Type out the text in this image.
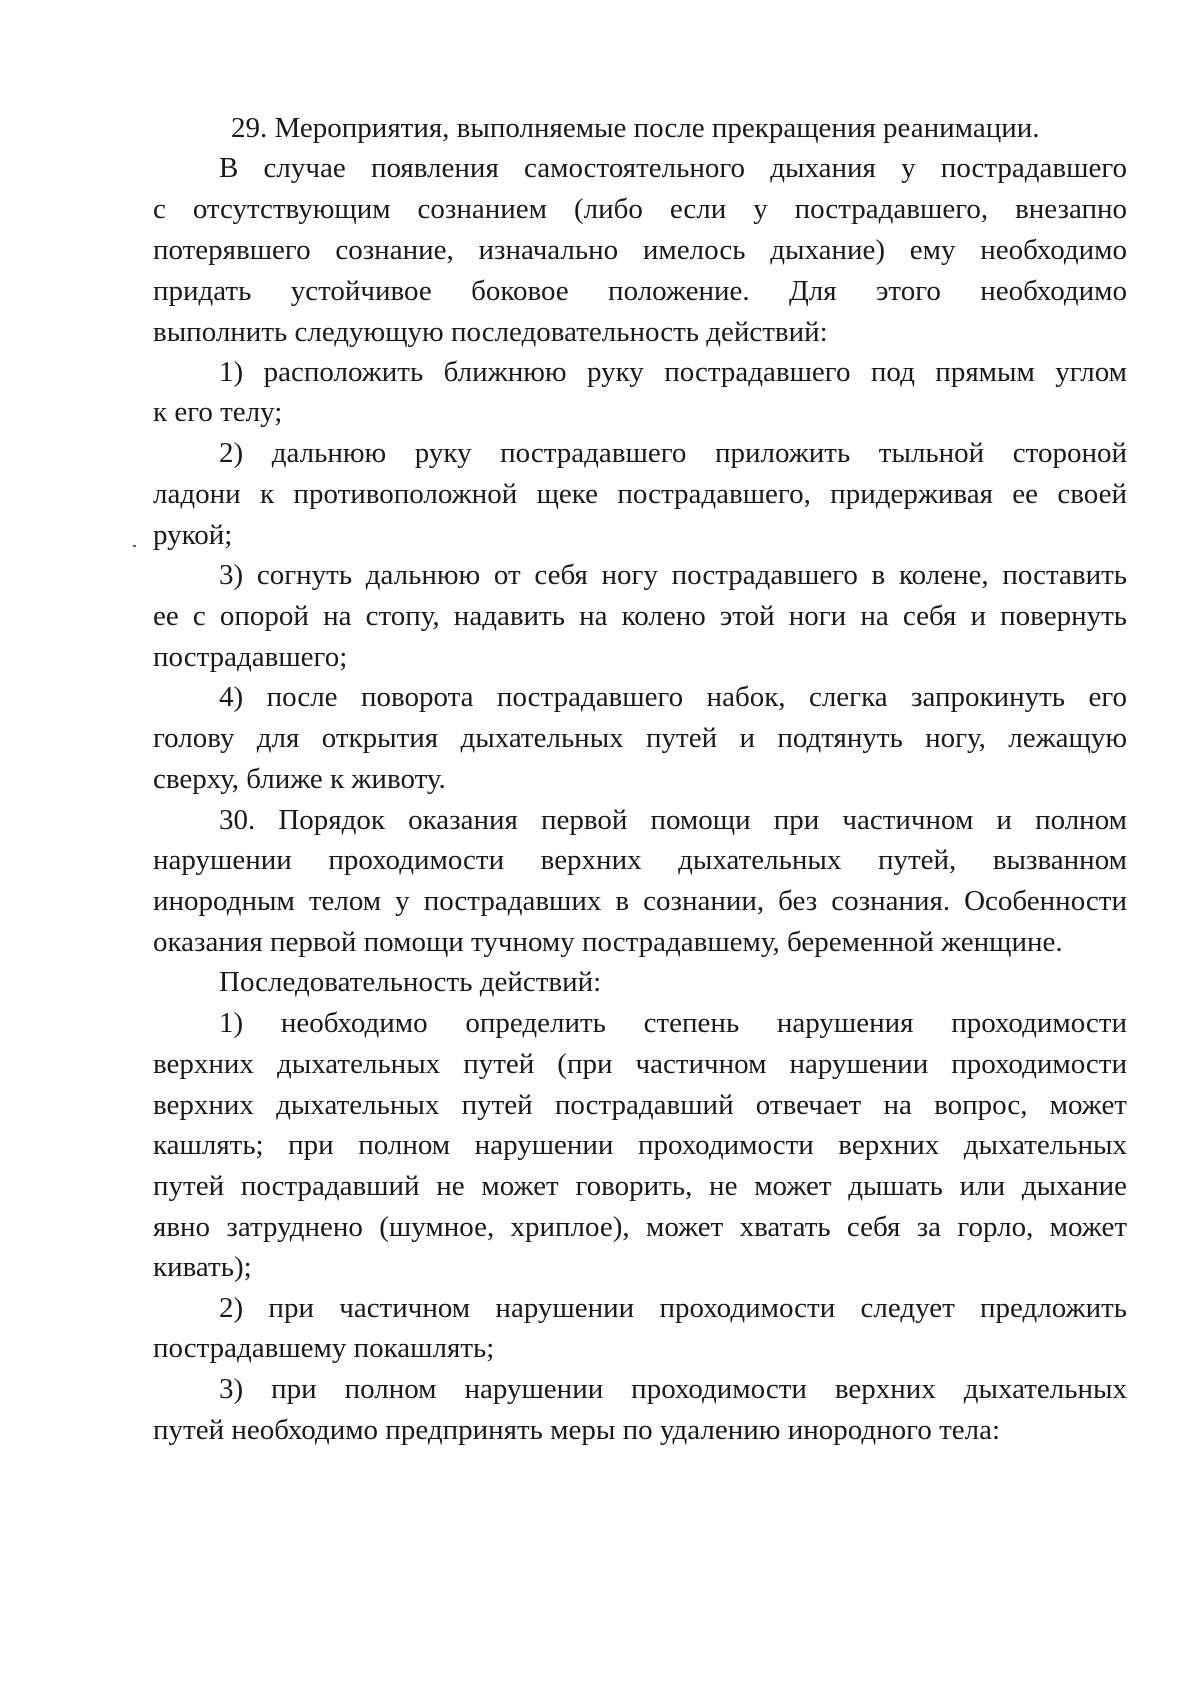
29. Мероприятия, выполняемые после прекращения реанимации.
В случае появления самостоятельного дыхания у пострадавшего
с отсутствующим сознанием (либо если у пострадавшего, внезапно
потерявшего сознание, изначально имелось дыхание) ему необходимо
придать устойчивое боковое положение. Для этого необходимо
выполнить следующую последовательность действий:
1) расположить ближнюю руку пострадавшего под прямым углом
к его телу;
2) дальнюю руку пострадавшего приложить тыльной стороной
ладони к противоположной щеке пострадавшего, придерживая ее своей
рукой;
3) согнуть дальнюю от себя ногу пострадавшего в колене, поставить
ее с опорой на стопу, надавить на колено этой ноги на себя и повернуть
пострадавшего;
4) после поворота пострадавшего набок, слегка запрокинуть его
голову для открытия дыхательных путей и подтянуть ногу, лежащую
сверху, ближе к животу.
30. Порядок оказания первой помощи при частичном и полном
нарушении проходимости верхних дыхательных путей, вызванном
инородным телом у пострадавших в сознании, без сознания. Особенности
оказания первой помощи тучному пострадавшему, беременной женщине.
Последовательность действий:
1) необходимо определить степень нарушения проходимости
верхних дыхательных путей (при частичном нарушении проходимости
верхних дыхательных путей пострадавший отвечает на вопрос, может
кашлять; при полном нарушении проходимости верхних дыхательных
путей пострадавший не может говорить, не может дышать или дыхание
явно затруднено (шумное, хриплое), может хватать себя за горло, может
кивать);
2) при частичном нарушении проходимости следует предложить
пострадавшему покашлять;
3) при полном нарушении проходимости верхних дыхательных
путей необходимо предпринять меры по удалению инородного тела:
